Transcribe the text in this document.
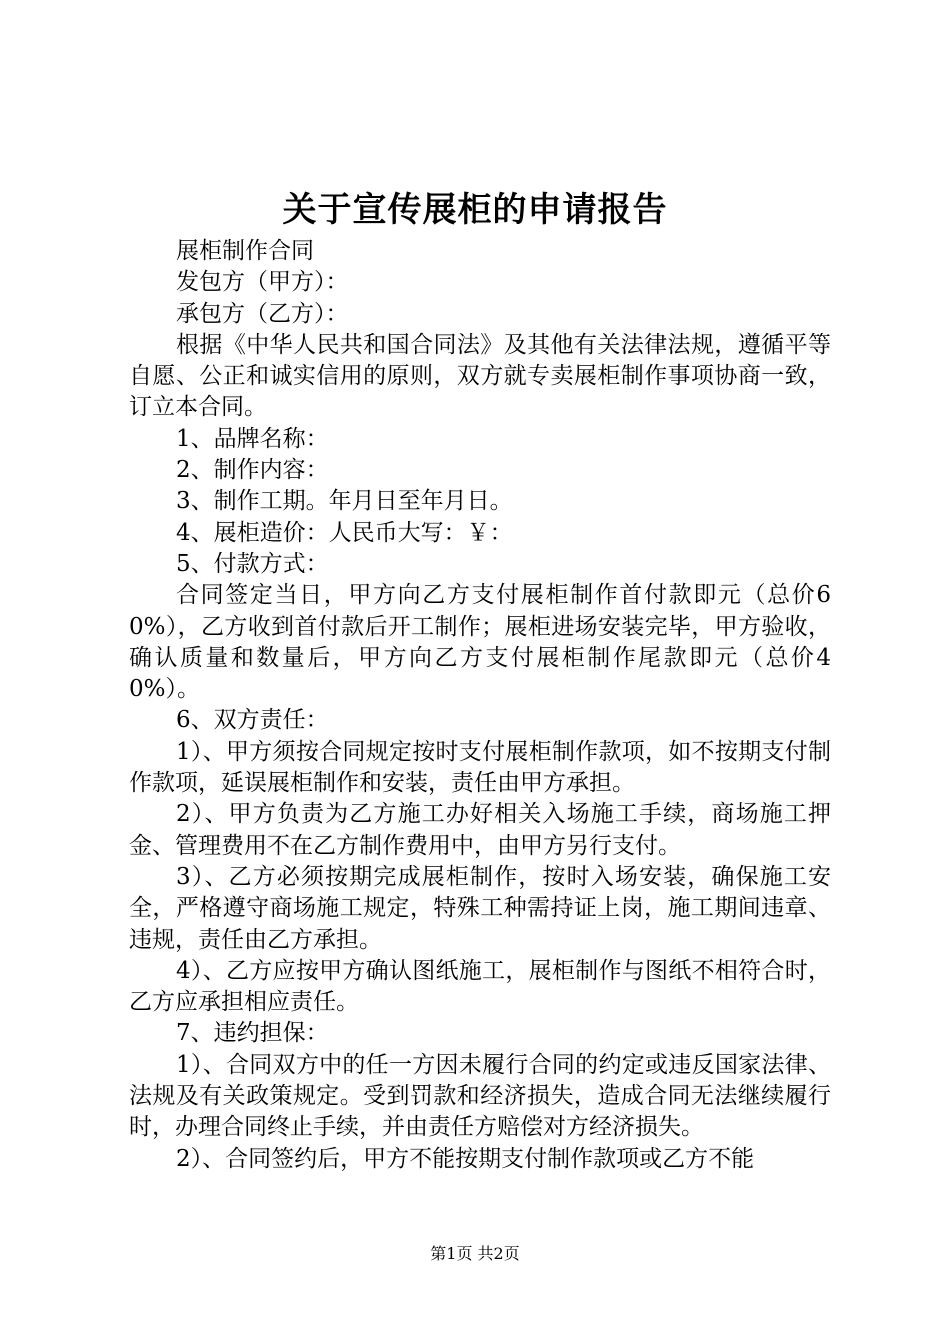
关于宣传展柜的申请报告

展柜制作合同

发包方（甲方）：

承包方（乙方）：

根据《中华人民共和国合同法》及其他有关法律法规，遵循平等自愿、公正和诚实信用的原则，双方就专卖展柜制作事项协商一致，订立本合同。

1、品牌名称：

2、制作内容：

3、制作工期。年月日至年月日。

4、展柜造价：人民币大写：￥：

5、付款方式：

合同签定当日，甲方向乙方支付展柜制作首付款即元（总价60%），乙方收到首付款后开工制作；展柜进场安装完毕，甲方验收，确认质量和数量后，甲方向乙方支付展柜制作尾款即元（总价40%）。

6、双方责任：

1）、甲方须按合同规定按时支付展柜制作款项，如不按期支付制作款项，延误展柜制作和安装，责任由甲方承担。

2）、甲方负责为乙方施工办好相关入场施工手续，商场施工押金、管理费用不在乙方制作费用中，由甲方另行支付。

3）、乙方必须按期完成展柜制作，按时入场安装，确保施工安全，严格遵守商场施工规定，特殊工种需持证上岗，施工期间违章、违规，责任由乙方承担。

4）、乙方应按甲方确认图纸施工，展柜制作与图纸不相符合时，乙方应承担相应责任。

7、违约担保：

1）、合同双方中的任一方因未履行合同的约定或违反国家法律、法规及有关政策规定。受到罚款和经济损失，造成合同无法继续履行时，办理合同终止手续，并由责任方赔偿对方经济损失。

2）、合同签约后，甲方不能按期支付制作款项或乙方不能

第1页 共2页
